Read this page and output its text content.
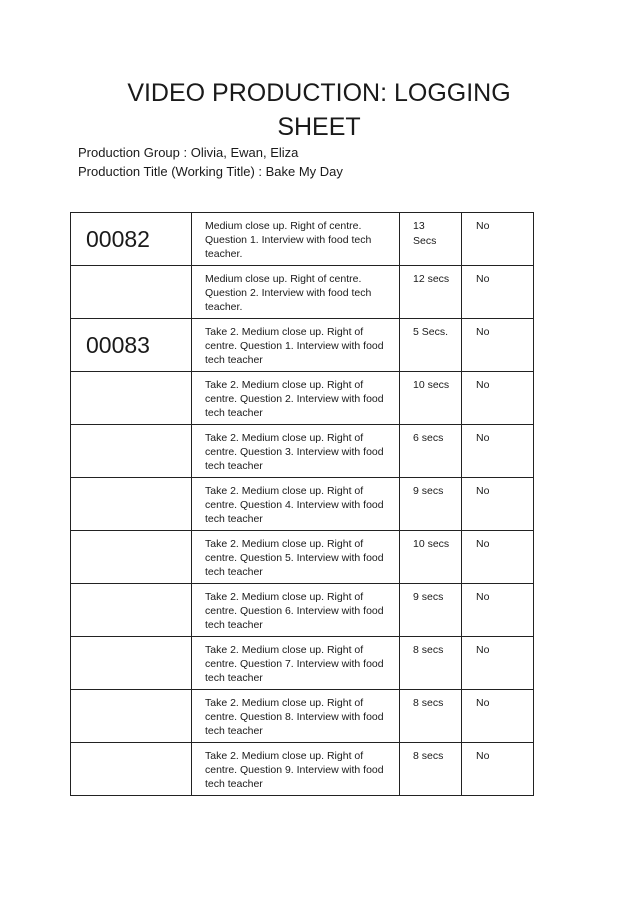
VIDEO PRODUCTION: LOGGING
SHEET
Production Group : Olivia, Ewan, Eliza
Production Title (Working Title) : Bake My Day
00082	Medium close up. Right of centre. Question 1. Interview with food tech teacher.	13 Secs	No

	Medium close up. Right of centre. Question 2. Interview with food tech teacher.	12 secs	No

00083	Take 2. Medium close up. Right of centre. Question 1. Interview with food tech teacher	5 Secs.	No

	Take 2. Medium close up. Right of centre. Question 2. Interview with food tech teacher	10 secs	No

	Take 2. Medium close up. Right of centre. Question 3. Interview with food tech teacher	6 secs	No

	Take 2. Medium close up. Right of centre. Question 4. Interview with food tech teacher	9 secs	No

	Take 2. Medium close up. Right of centre. Question 5. Interview with food tech teacher	10 secs	No

	Take 2. Medium close up. Right of centre. Question 6. Interview with food tech teacher	9 secs	No

	Take 2. Medium close up. Right of centre. Question 7. Interview with food tech teacher	8 secs	No

	Take 2. Medium close up. Right of centre. Question 8. Interview with food tech teacher	8 secs	No

	Take 2. Medium close up. Right of centre. Question 9. Interview with food tech teacher	8 secs	No
